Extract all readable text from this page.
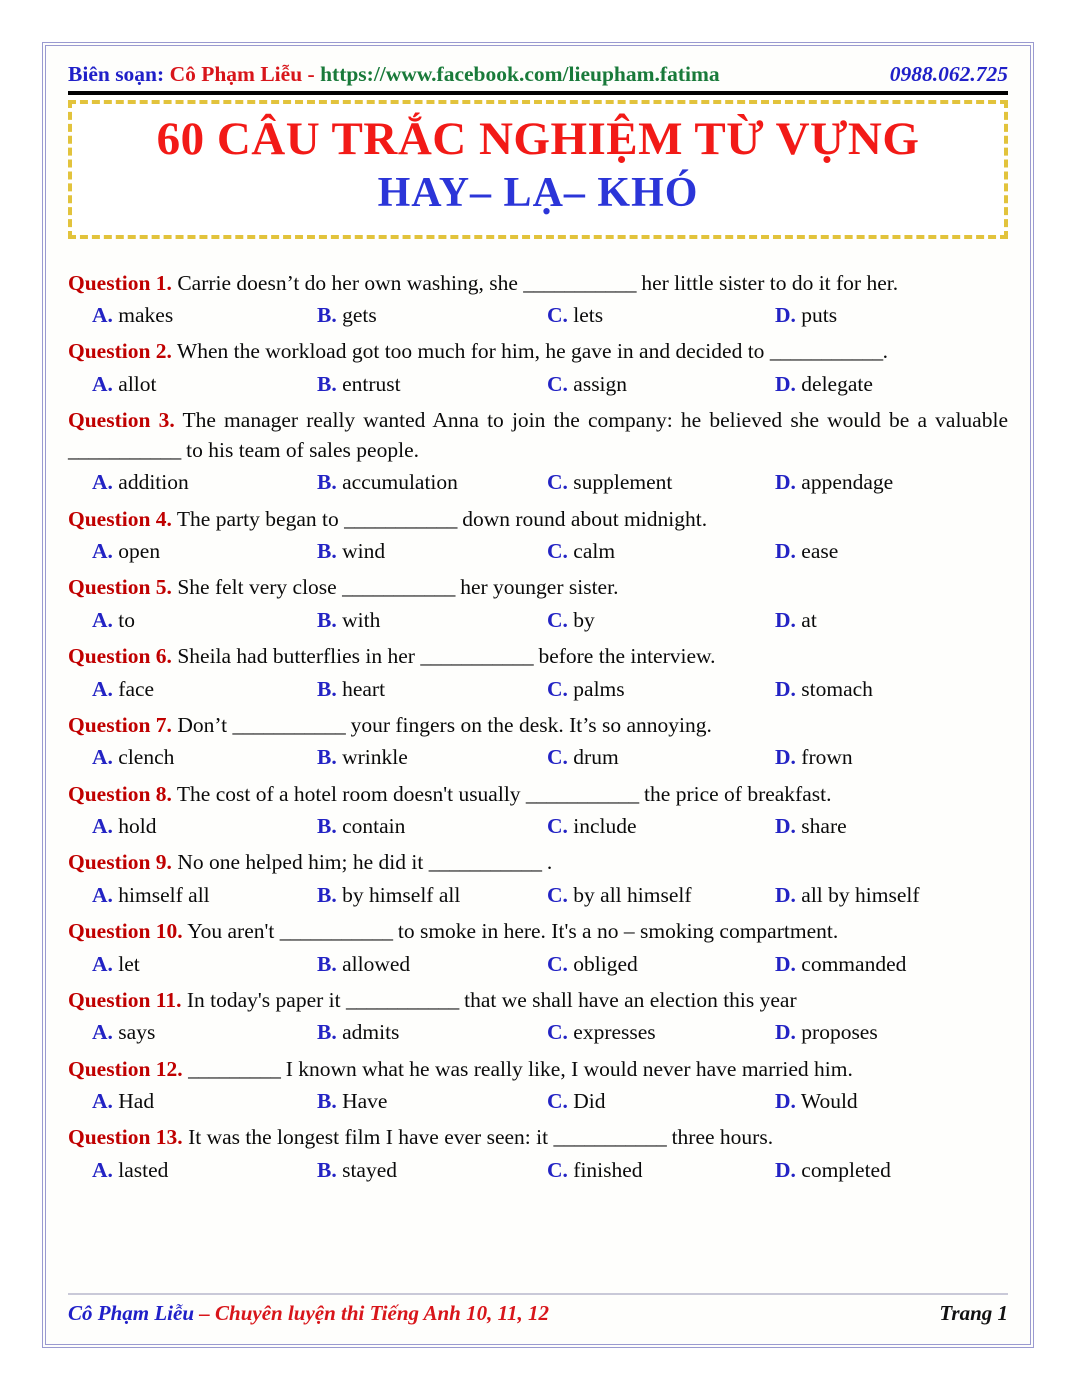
Biên soạn: Cô Phạm Liễu - https://www.facebook.com/lieupham.fatima	0988.062.725
60 CÂU TRẮC NGHIỆM TỪ VỰNG
HAY– LẠ– KHÓ

Question 1. Carrie doesn’t do her own washing, she ___________ her little sister to do it for her.

A. makes	B. gets	C. lets	D. puts

Question 2. When the workload got too much for him, he gave in and decided to ___________.

A. allot	B. entrust	C. assign	D. delegate

Question 3. The manager really wanted Anna to join the company: he believed she would be a valuable ___________ to his team of sales people.

A. addition	B. accumulation	C. supplement	D. appendage

Question 4. The party began to ___________ down round about midnight.

A. open	B. wind	C. calm	D. ease

Question 5. She felt very close ___________ her younger sister.

A. to	B. with	C. by	D. at

Question 6. Sheila had butterflies in her ___________ before the interview.

A. face	B. heart	C. palms	D. stomach

Question 7. Don’t ___________ your fingers on the desk. It’s so annoying.

A. clench	B. wrinkle	C. drum	D. frown

Question 8. The cost of a hotel room doesn't usually ___________ the price of breakfast.

A. hold	B. contain	C. include	D. share

Question 9. No one helped him; he did it ___________ .

A. himself all	B. by himself all	C. by all himself	D. all by himself

Question 10. You aren't ___________ to smoke in here. It's a no – smoking compartment.

A. let	B. allowed	C. obliged	D. commanded

Question 11. In today's paper it ___________ that we shall have an election this year

A. says	B. admits	C. expresses	D. proposes

Question 12. _________ I known what he was really like, I would never have married him.

A. Had	B. Have	C. Did	D. Would

Question 13. It was the longest film I have ever seen: it ___________ three hours.

A. lasted	B. stayed	C. finished	D. completed
Cô Phạm Liễu – Chuyên luyện thi Tiếng Anh 10, 11, 12	Trang 1
